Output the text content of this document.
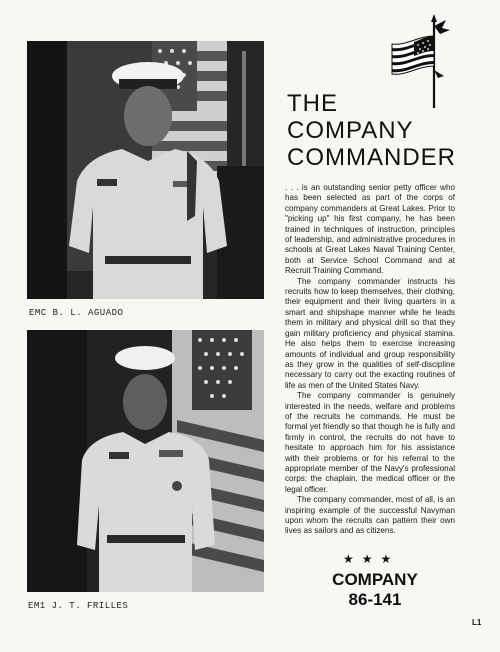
EMC B. L. AGUADO
EM1 J. T. FRILLES
THE
COMPANY
COMMANDER

. . . is an outstanding senior petty officer who has been selected as part of the corps of company commanders at Great Lakes. Prior to "picking up" his first company, he has been trained in techniques of instruction, principles of leadership, and administrative procedures in schools at Great Lakes Naval Training Center, both at Service School Command and at Recruit Training Command.

The company commander instructs his recruits how to keep themselves, their clothing, their equipment and their living quarters in a smart and shipshape manner while he leads them in military and physical drill so that they gain military proficiency and physical stamina. He also helps them to exercise increasing amounts of individual and group responsibility as they grow in the qualities of self-discipline necessary to carry out the exacting routines of life as men of the United States Navy.

The company commander is genuinely interested in the needs, welfare and problems of the recruits he commands. He must be formal yet friendly so that though he is fully and firmly in control, the recruits do not have to hesitate to approach him for his assistance with their problems or for his referral to the appropriate member of the Navy's professional corps: the chaplain, the medical officer or the legal officer.

The company commander, most of all, is an inspiring example of the successful Navyman upon whom the recruits can pattern their own lives as sailors and as citizens.

★★★
COMPANY
86-141
L1
